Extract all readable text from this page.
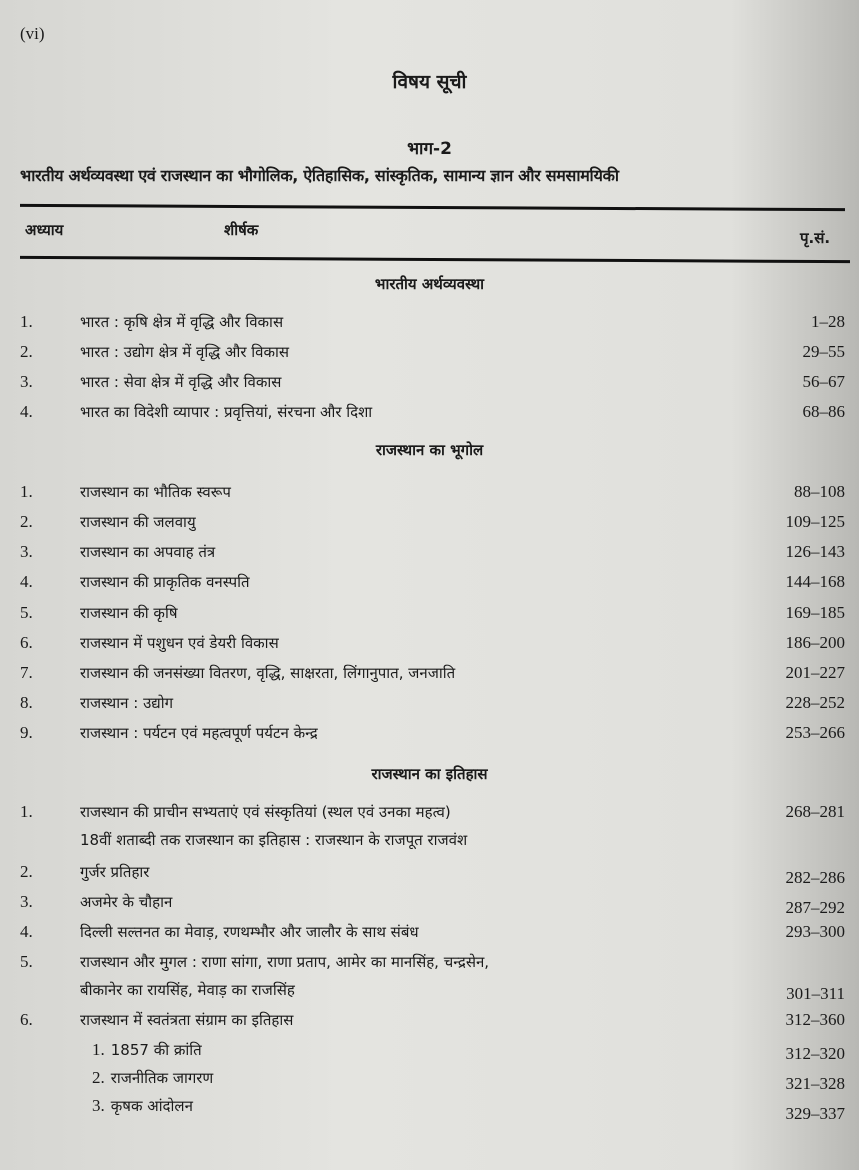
(vi)
विषय सूची
भाग-2
भारतीय अर्थव्यवस्था एवं राजस्थान का भौगोलिक, ऐतिहासिक, सांस्कृतिक, सामान्य ज्ञान और समसामयिकी
अध्याय	शीर्षक	पृ.सं.
भारतीय अर्थव्यवस्था
1.	भारत : कृषि क्षेत्र में वृद्धि और विकास	1–28
2.	भारत : उद्योग क्षेत्र में वृद्धि और विकास	29–55
3.	भारत : सेवा क्षेत्र में वृद्धि और विकास	56–67
4.	भारत का विदेशी व्यापार : प्रवृत्तियां, संरचना और दिशा	68–86
राजस्थान का भूगोल
1.	राजस्थान का भौतिक स्वरूप	88–108
2.	राजस्थान की जलवायु	109–125
3.	राजस्थान का अपवाह तंत्र	126–143
4.	राजस्थान की प्राकृतिक वनस्पति	144–168
5.	राजस्थान की कृषि	169–185
6.	राजस्थान में पशुधन एवं डेयरी विकास	186–200
7.	राजस्थान की जनसंख्या वितरण, वृद्धि, साक्षरता, लिंगानुपात, जनजाति	201–227
8.	राजस्थान : उद्योग	228–252
9.	राजस्थान : पर्यटन एवं महत्वपूर्ण पर्यटन केन्द्र	253–266
राजस्थान का इतिहास
1.	राजस्थान की प्राचीन सभ्यताएं एवं संस्कृतियां (स्थल एवं उनका महत्व)	268–281
18वीं शताब्दी तक राजस्थान का इतिहास : राजस्थान के राजपूत राजवंश
2.	गुर्जर प्रतिहार	282–286
3.	अजमेर के चौहान	287–292
4.	दिल्ली सल्तनत का मेवाड़, रणथम्भौर और जालौर के साथ संबंध	293–300
5.	राजस्थान और मुगल : राणा सांगा, राणा प्रताप, आमेर का मानसिंह, चन्द्रसेन,
बीकानेर का रायसिंह, मेवाड़ का राजसिंह	301–311
6.	राजस्थान में स्वतंत्रता संग्राम का इतिहास	312–360
1. 1857 की क्रांति	312–320
2. राजनीतिक जागरण	321–328
3. कृषक आंदोलन	329–337
